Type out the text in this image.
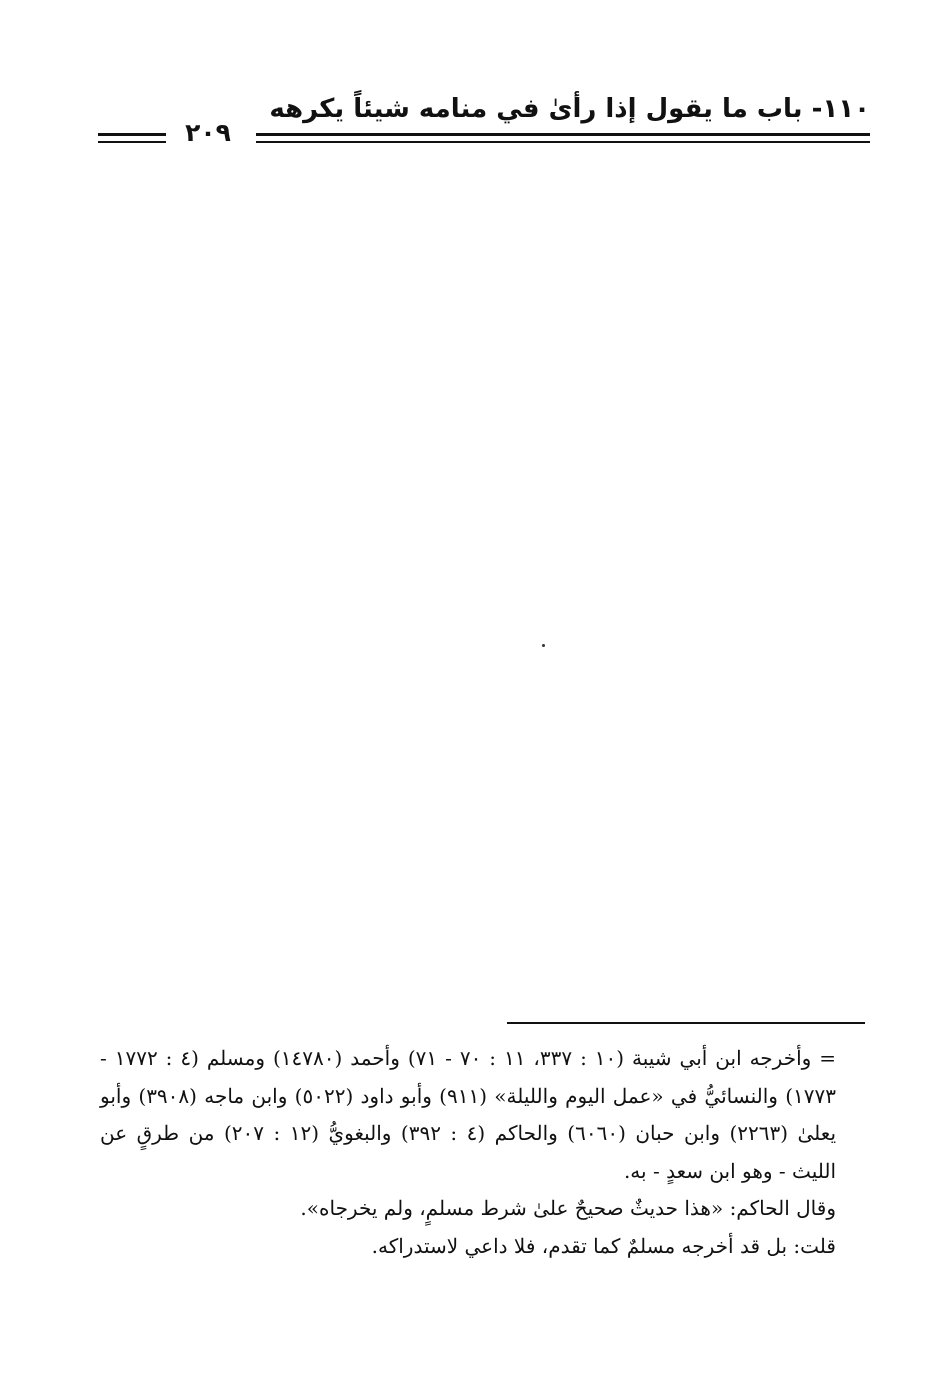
١١٠- باب ما يقول إذا رأىٰ في منامه شيئاً يكرهه
٢٠٩

= وأخرجه ابن أبي شيبة (١٠ : ٣٣٧، ١١ : ٧٠ - ٧١) وأحمد (١٤٧٨٠) ومسلم (٤ : ١٧٧٢ - ١٧٧٣) والنسائيُّ في «عمل اليوم والليلة» (٩١١) وأبو داود (٥٠٢٢) وابن ماجه (٣٩٠٨) وأبو يعلىٰ (٢٢٦٣) وابن حبان (٦٠٦٠) والحاكم (٤ : ٣٩٢) والبغويُّ (١٢ : ٢٠٧) من طرقٍ عن الليث - وهو ابن سعدٍ - به.

وقال الحاكم: «هذا حديثٌ صحيحٌ علىٰ شرط مسلمٍ، ولم يخرجاه».

قلت: بل قد أخرجه مسلمٌ كما تقدم، فلا داعي لاستدراكه.
